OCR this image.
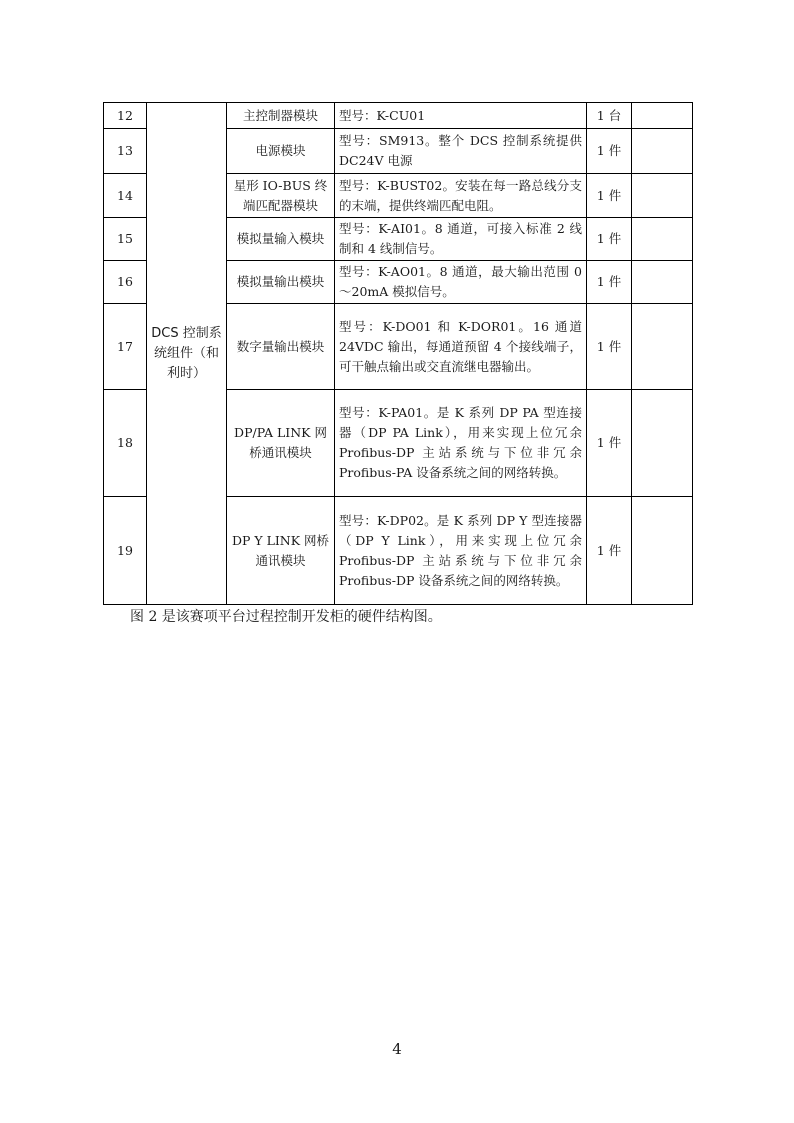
12	DCS 控制系统组件（和利时）	主控制器模块	型号：K-CU01	1 台	
13		电源模块	型号：SM913。整个 DCS 控制系统提供 DC24V 电源	1 件	
14		星形 IO-BUS 终端匹配器模块	型号：K-BUST02。安装在每一路总线分支的末端，提供终端匹配电阻。	1 件	
15		模拟量输入模块	型号：K-AI01。8 通道，可接入标准 2 线制和 4 线制信号。	1 件	
16		模拟量输出模块	型号：K-AO01。8 通道，最大输出范围 0～20mA 模拟信号。	1 件	
17		数字量输出模块	型号：K-DO01 和 K-DOR01。16 通道 24VDC 输出，每通道预留 4 个接线端子，可干触点输出或交直流继电器输出。	1 件	
18		DP/PA LINK 网桥通讯模块	型号：K-PA01。是 K 系列 DP PA 型连接器（DP PA Link），用来实现上位冗余 Profibus-DP 主站系统与下位非冗余 Profibus-PA 设备系统之间的网络转换。	1 件	
19		DP Y LINK 网桥通讯模块	型号：K-DP02。是 K 系列 DP Y 型连接器（DP Y Link），用来实现上位冗余 Profibus-DP 主站系统与下位非冗余 Profibus-DP 设备系统之间的网络转换。	1 件	
图 2 是该赛项平台过程控制开发柜的硬件结构图。
4
